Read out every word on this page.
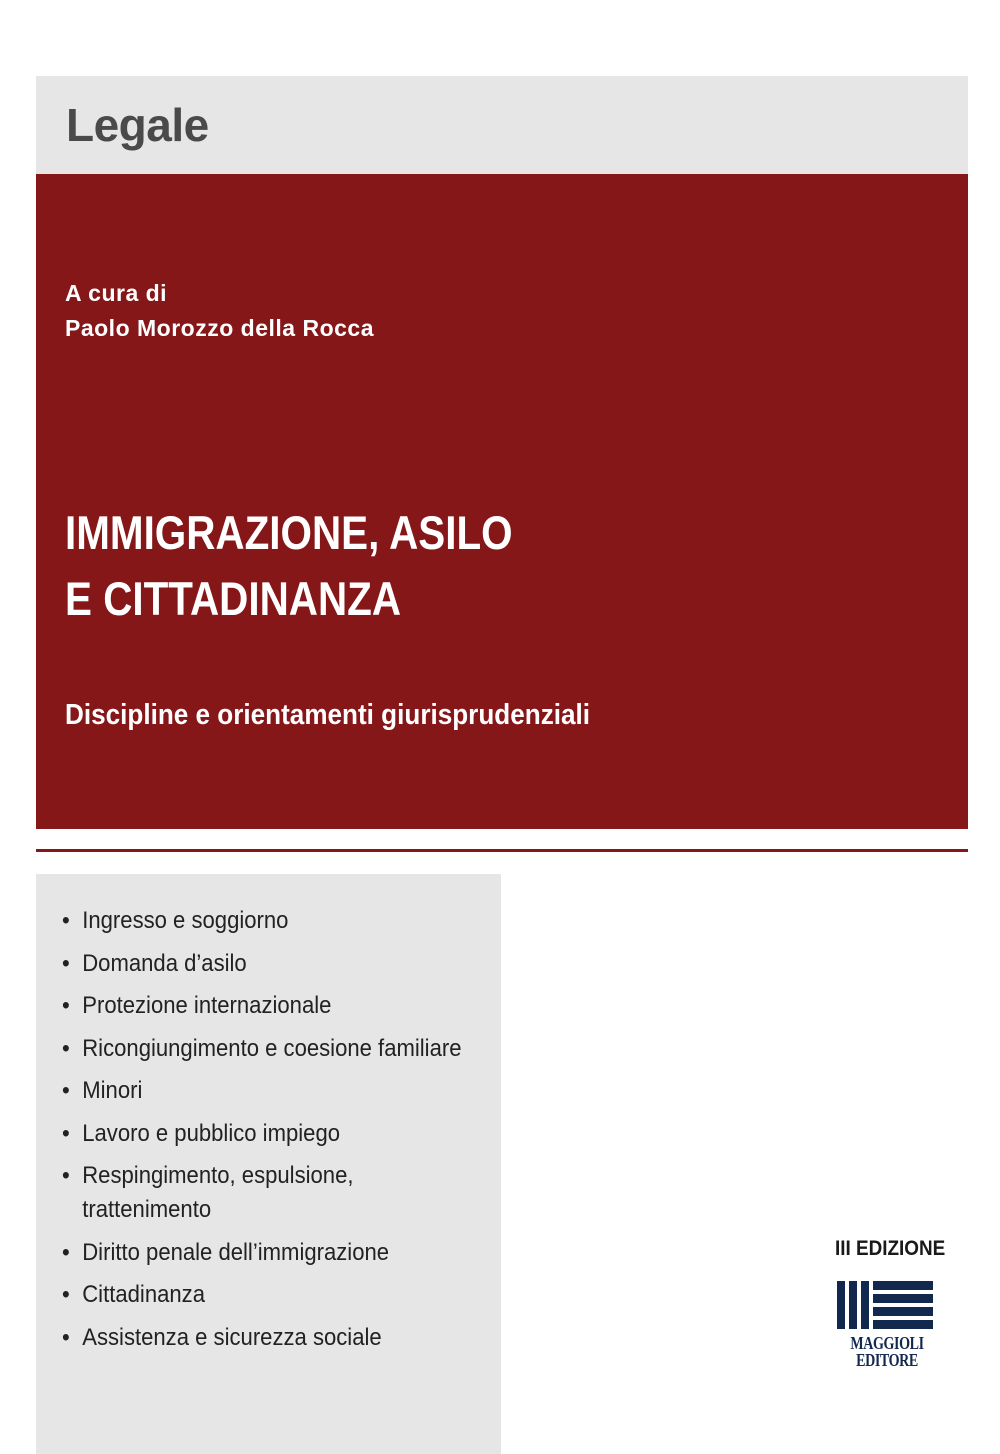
Legale
A cura di
Paolo Morozzo della Rocca
IMMIGRAZIONE, ASILO
E CITTADINANZA
Discipline e orientamenti giurisprudenziali
• Ingresso e soggiorno
• Domanda d’asilo
• Protezione internazionale
• Ricongiungimento e coesione familiare
• Minori
• Lavoro e pubblico impiego
• Respingimento, espulsione,
trattenimento
• Diritto penale dell’immigrazione
• Cittadinanza
• Assistenza e sicurezza sociale
III EDIZIONE
MAGGIOLI
EDITORE
